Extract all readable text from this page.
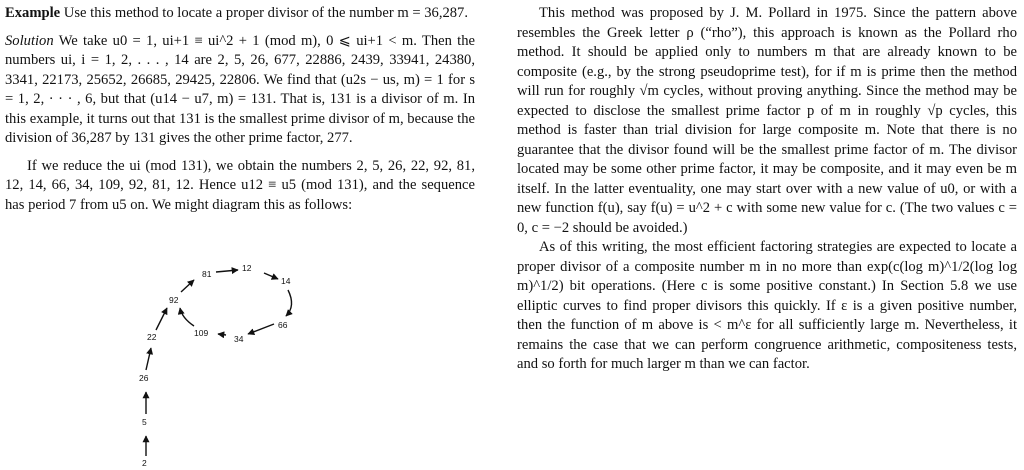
Example Use this method to locate a proper divisor of the number m = 36,287.

Solution We take u0 = 1, ui+1 ≡ ui^2 + 1 (mod m), 0 ⩽ ui+1 < m. Then the numbers ui, i = 1, 2, . . . , 14 are 2, 5, 26, 677, 22886, 2439, 33941, 24380, 3341, 22173, 25652, 26685, 29425, 22806. We find that (u2s − us, m) = 1 for s = 1, 2, · · · , 6, but that (u14 − u7, m) = 131. That is, 131 is a divisor of m. In this example, it turns out that 131 is the smallest prime divisor of m, because the division of 36,287 by 131 gives the other prime factor, 277.

If we reduce the ui (mod 131), we obtain the numbers 2, 5, 26, 22, 92, 81, 12, 14, 66, 34, 109, 92, 81, 12. Hence u12 ≡ u5 (mod 131), and the sequence has period 7 from u5 on. We might diagram this as follows:

2
5
26
22
92
81
12
14
66
34
109

This method was proposed by J. M. Pollard in 1975. Since the pattern above resembles the Greek letter ρ (“rho”), this approach is known as the Pollard rho method. It should be applied only to numbers m that are already known to be composite (e.g., by the strong pseudoprime test), for if m is prime then the method will run for roughly √m cycles, without proving anything. Since the method may be expected to disclose the smallest prime factor p of m in roughly √p cycles, this method is faster than trial division for large composite m. Note that there is no guarantee that the divisor found will be the smallest prime factor of m. The divisor located may be some other prime factor, it may be composite, and it may even be m itself. In the latter eventuality, one may start over with a new value of u0, or with a new function f(u), say f(u) = u^2 + c with some new value for c. (The two values c = 0, c = −2 should be avoided.)

As of this writing, the most efficient factoring strategies are expected to locate a proper divisor of a composite number m in no more than exp(c(log m)^1/2(log log m)^1/2) bit operations. (Here c is some positive constant.) In Section 5.8 we use elliptic curves to find proper divisors this quickly. If ε is a given positive number, then the function of m above is < m^ε for all sufficiently large m. Nevertheless, it remains the case that we can perform congruence arithmetic, compositeness tests, and so forth for much larger m than we can factor.
